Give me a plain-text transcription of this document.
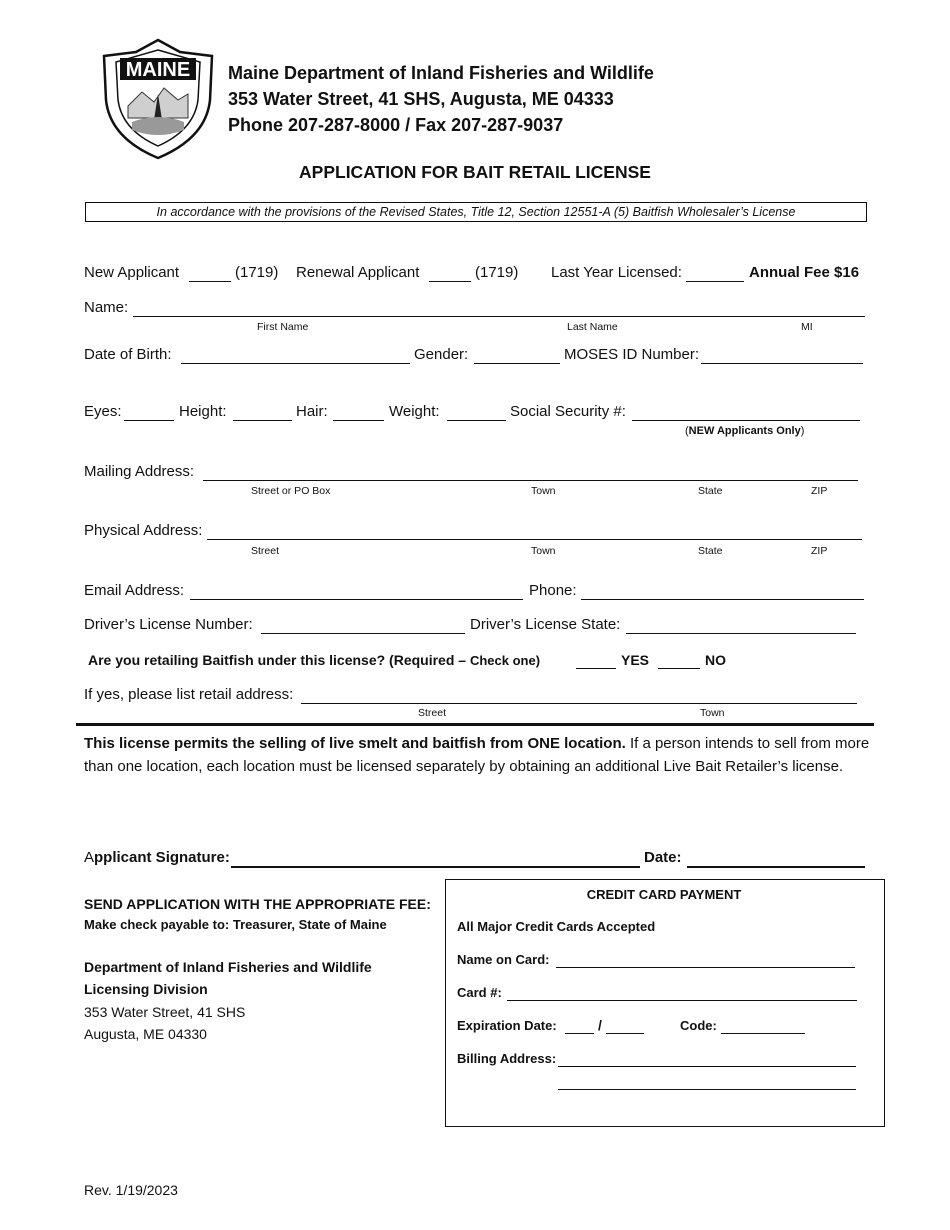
MAINE Maine Department of Inland Fisheries and Wildlife
353 Water Street, 41 SHS, Augusta, ME 04333
Phone 207-287-8000 / Fax 207-287-9037
APPLICATION FOR BAIT RETAIL LICENSE
In accordance with the provisions of the Revised States, Title 12, Section 12551-A (5) Baitfish Wholesaler’s License
New Applicant	(1719) Renewal Applicant	(1719) Last Year Licensed:	Annual Fee $16
Name:
First Name	Last Name	MI
Date of Birth:	Gender:	MOSES ID Number:
Eyes:	Height:	Hair:	Weight:	Social Security #:
(NEW Applicants Only)
Mailing Address:
Street or PO Box	Town	State	ZIP
Physical Address:
Street	Town	State	ZIP
Email Address:	Phone:
Driver’s License Number:	Driver’s License State:
Are you retailing Baitfish under this license? (Required – Check one)	YES	NO
If yes, please list retail address:
Street	Town
This license permits the selling of live smelt and baitfish from ONE location. If a person intends to sell from more than one location, each location must be licensed separately by obtaining an additional Live Bait Retailer’s license.
Applicant Signature:	Date:
SEND APPLICATION WITH THE APPROPRIATE FEE:
Make check payable to: Treasurer, State of Maine
Department of Inland Fisheries and Wildlife
Licensing Division
353 Water Street, 41 SHS
Augusta, ME 04330
CREDIT CARD PAYMENT
All Major Credit Cards Accepted
Name on Card:
Card #:
Expiration Date:	/	Code:
Billing Address:
Rev. 1/19/2023
